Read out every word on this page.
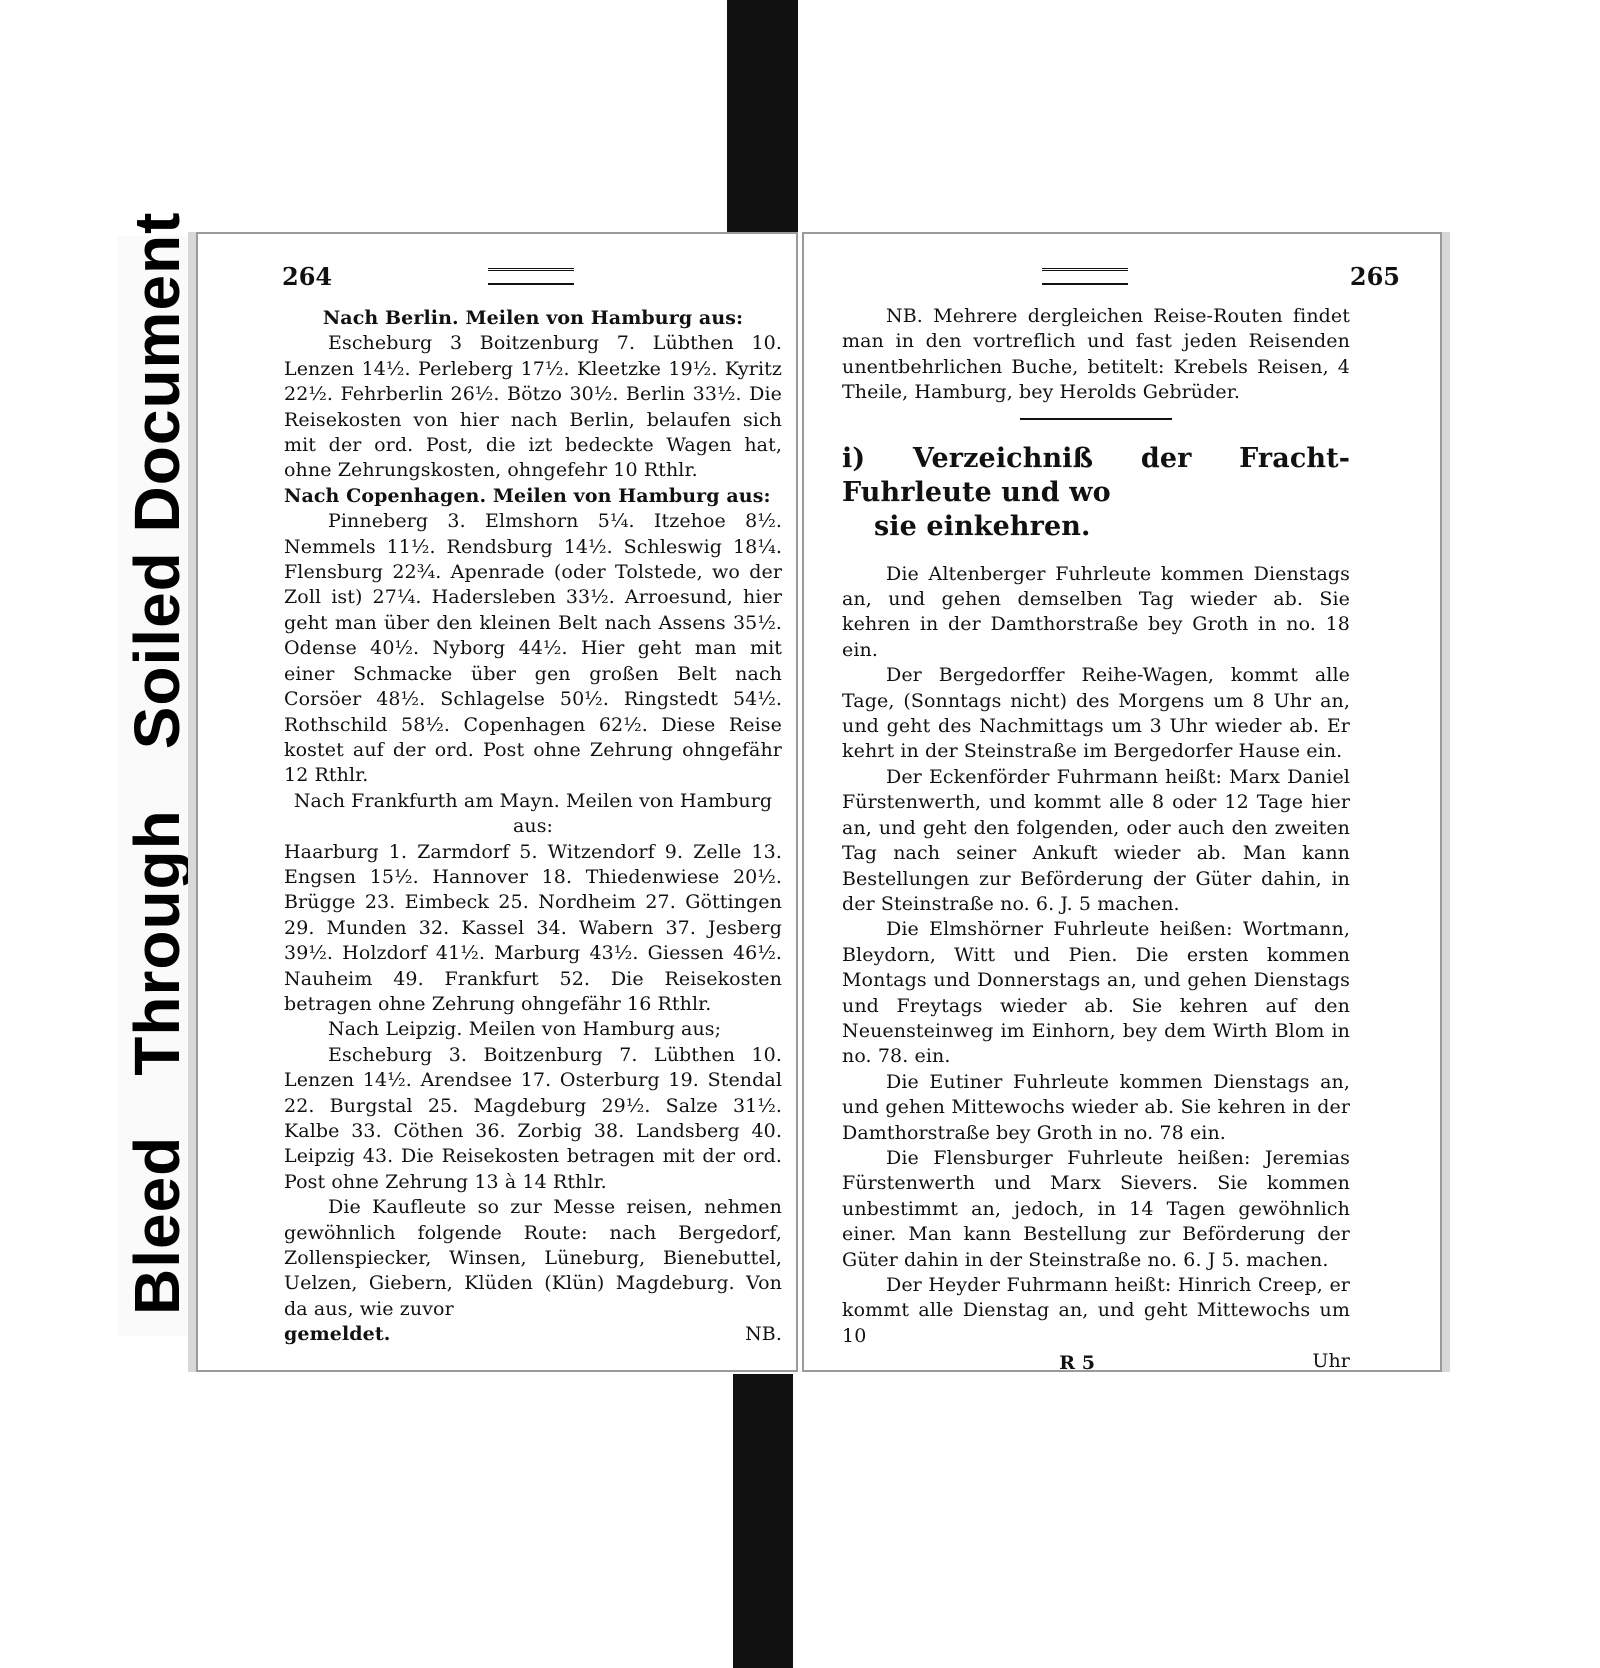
BleedThroughSoiled Document	264

Nach Berlin. Meilen von Hamburg aus:

Escheburg 3 Boitzenburg 7. Lübthen 10. Lenzen 14½. Perleberg 17½. Kleetzke 19½. Kyritz 22½. Fehrberlin 26½. Bötzo 30½. Berlin 33½. Die Reisekosten von hier nach Berlin, belaufen sich mit der ord. Post, die izt bedeckte Wagen hat, ohne Zehrungskosten, ohngefehr 10 Rthlr.

Nach Copenhagen. Meilen von Hamburg aus:

Pinneberg 3. Elmshorn 5¼. Itzehoe 8½. Nemmels 11½. Rendsburg 14½. Schleswig 18¼. Flensburg 22¾. Apenrade (oder Tolstede, wo der Zoll ist) 27¼. Hadersleben 33½. Arroesund, hier geht man über den kleinen Belt nach Assens 35½. Odense 40½. Nyborg 44½. Hier geht man mit einer Schmacke über gen großen Belt nach Corsöer 48½. Schlagelse 50½. Ringstedt 54½. Rothschild 58½. Copenhagen 62½. Diese Reise kostet auf der ord. Post ohne Zehrung ohngefähr 12 Rthlr.

Nach Frankfurth am Mayn. Meilen von Hamburg aus:

Haarburg 1. Zarmdorf 5. Witzendorf 9. Zelle 13. Engsen 15½. Hannover 18. Thiedenwiese 20½. Brügge 23. Eimbeck 25. Nordheim 27. Göttingen 29. Munden 32. Kassel 34. Wabern 37. Jesberg 39½. Holzdorf 41½. Marburg 43½. Giessen 46½. Nauheim 49. Frankfurt 52. Die Reisekosten betragen ohne Zehrung ohngefähr 16 Rthlr.

Nach Leipzig. Meilen von Hamburg aus;

Escheburg 3. Boitzenburg 7. Lübthen 10. Lenzen 14½. Arendsee 17. Osterburg 19. Stendal 22. Burgstal 25. Magdeburg 29½. Salze 31½. Kalbe 33. Cöthen 36. Zorbig 38. Landsberg 40. Leipzig 43. Die Reisekosten betragen mit der ord. Post ohne Zehrung 13 à 14 Rthlr.

Die Kaufleute so zur Messe reisen, nehmen gewöhnlich folgende Route: nach Bergedorf, Zollenspiecker, Winsen, Lüneburg, Bienebuttel, Uelzen, Giebern, Klüden (Klün) Magdeburg. Von da aus, wie zuvor

gemeldet.	NB.
265

NB. Mehrere dergleichen Reise-Routen findet man in den vortreflich und fast jeden Reisenden unentbehrlichen Buche, betitelt: Krebels Reisen, 4 Theile, Hamburg, bey Herolds Gebrüder.

i) Verzeichniß der Fracht-Fuhrleute und wo
sie einkehren.

Die Altenberger Fuhrleute kommen Dienstags an, und gehen demselben Tag wieder ab. Sie kehren in der Damthorstraße bey Groth in no. 18 ein.

Der Bergedorffer Reihe-Wagen, kommt alle Tage, (Sonntags nicht) des Morgens um 8 Uhr an, und geht des Nachmittags um 3 Uhr wieder ab. Er kehrt in der Steinstraße im Bergedorfer Hause ein.

Der Eckenförder Fuhrmann heißt: Marx Daniel Fürstenwerth, und kommt alle 8 oder 12 Tage hier an, und geht den folgenden, oder auch den zweiten Tag nach seiner Ankuft wieder ab. Man kann Bestellungen zur Beförderung der Güter dahin, in der Steinstraße no. 6. J. 5 machen.

Die Elmshörner Fuhrleute heißen: Wortmann, Bleydorn, Witt und Pien. Die ersten kommen Montags und Donnerstags an, und gehen Dienstags und Freytags wieder ab. Sie kehren auf den Neuensteinweg im Einhorn, bey dem Wirth Blom in no. 78. ein.

Die Eutiner Fuhrleute kommen Dienstags an, und gehen Mittewochs wieder ab. Sie kehren in der Damthorstraße bey Groth in no. 78 ein.

Die Flensburger Fuhrleute heißen: Jeremias Fürstenwerth und Marx Sievers. Sie kommen unbestimmt an, jedoch, in 14 Tagen gewöhnlich einer. Man kann Bestellung zur Beförderung der Güter dahin in der Steinstraße no. 6. J 5. machen.

Der Heyder Fuhrmann heißt: Hinrich Creep, er kommt alle Dienstag an, und geht Mittewochs um 10

R 5	Uhr
